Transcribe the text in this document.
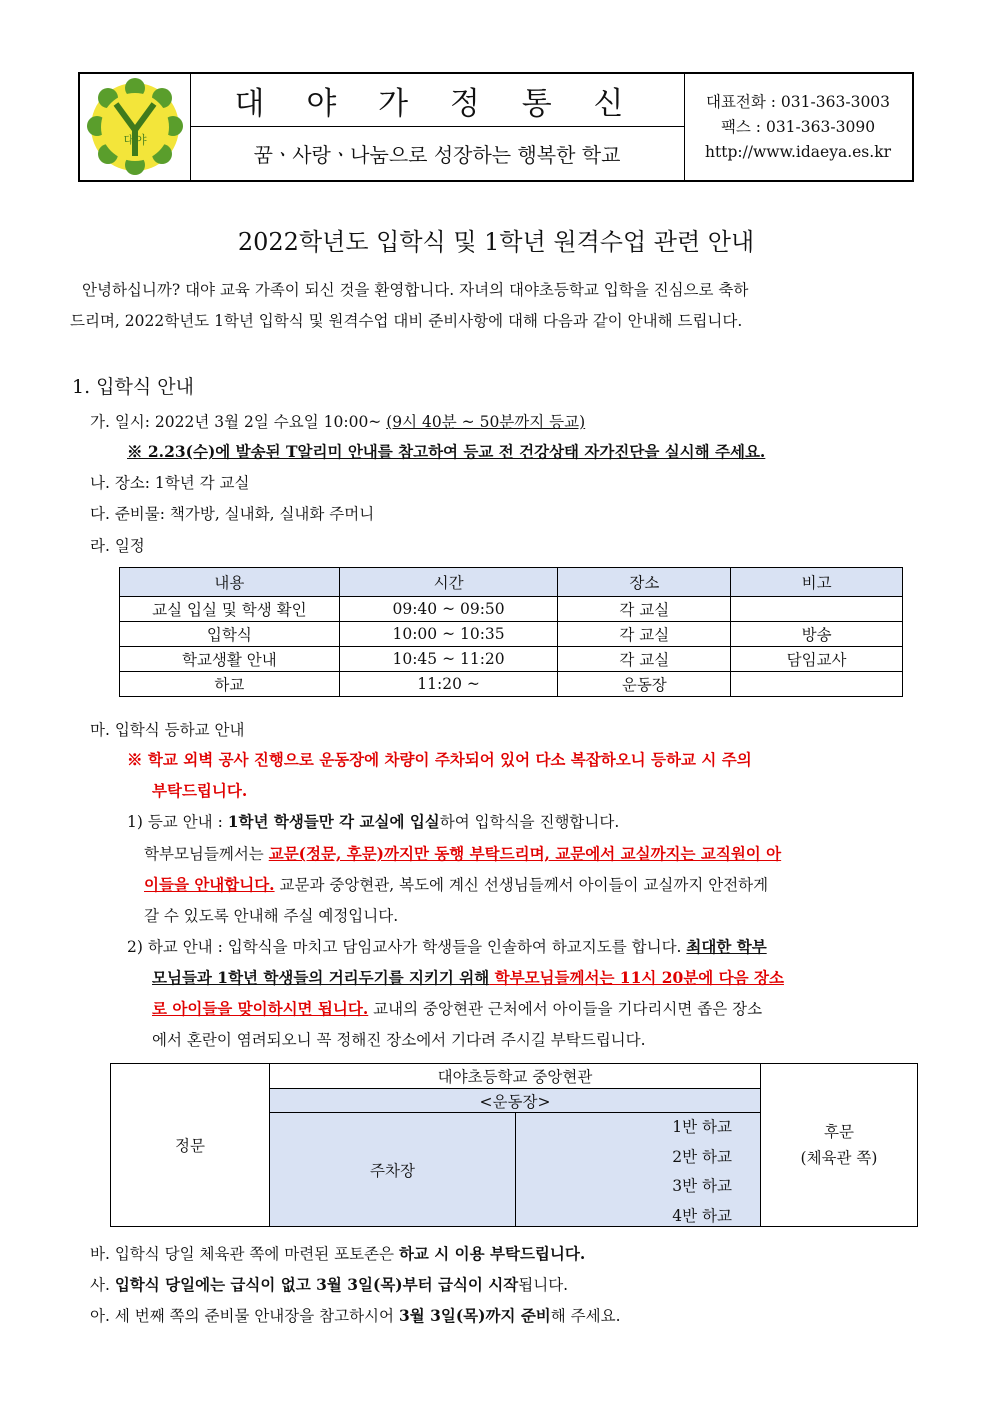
대야
대 야 가 정 통 신
꿈ㆍ사랑ㆍ나눔으로 성장하는 행복한 학교
대표전화 : 031-363-3003
팩스 : 031-363-3090
http://www.idaeya.es.kr
2022학년도 입학식 및 1학년 원격수업 관련 안내
안녕하십니까? 대야 교육 가족이 되신 것을 환영합니다. 자녀의 대야초등학교 입학을 진심으로 축하
드리며, 2022학년도 1학년 입학식 및 원격수업 대비 준비사항에 대해 다음과 같이 안내해 드립니다.
1. 입학식 안내
가. 일시: 2022년 3월 2일 수요일 10:00~ (9시 40분 ~ 50분까지 등교)
※ 2.23(수)에 발송된 T알리미 안내를 참고하여 등교 전 건강상태 자가진단을 실시해 주세요.
나. 장소: 1학년 각 교실
다. 준비물: 책가방, 실내화, 실내화 주머니
라. 일정
내용	시간	장소	비고
교실 입실 및 학생 확인	09:40 ~ 09:50	각 교실	
입학식	10:00 ~ 10:35	각 교실	방송
학교생활 안내	10:45 ~ 11:20	각 교실	담임교사
하교	11:20 ~	운동장	
마. 입학식 등하교 안내
※ 학교 외벽 공사 진행으로 운동장에 차량이 주차되어 있어 다소 복잡하오니 등하교 시 주의
부탁드립니다.
1) 등교 안내 : 1학년 학생들만 각 교실에 입실하여 입학식을 진행합니다.
학부모님들께서는 교문(정문, 후문)까지만 동행 부탁드리며, 교문에서 교실까지는 교직원이 아
이들을 안내합니다. 교문과 중앙현관, 복도에 계신 선생님들께서 아이들이 교실까지 안전하게
갈 수 있도록 안내해 주실 예정입니다.
2) 하교 안내 : 입학식을 마치고 담임교사가 학생들을 인솔하여 하교지도를 합니다. 최대한 학부
모님들과 1학년 학생들의 거리두기를 지키기 위해 학부모님들께서는 11시 20분에 다음 장소
로 아이들을 맞이하시면 됩니다. 교내의 중앙현관 근처에서 아이들을 기다리시면 좁은 장소
에서 혼란이 염려되오니 꼭 정해진 장소에서 기다려 주시길 부탁드립니다.
정문
대야초등학교 중앙현관
<운동장>
주차장
1반 하교
2반 하교
3반 하교
4반 하교
후문
(체육관 쪽)
바. 입학식 당일 체육관 쪽에 마련된 포토존은 하교 시 이용 부탁드립니다.
사. 입학식 당일에는 급식이 없고 3월 3일(목)부터 급식이 시작됩니다.
아. 세 번째 쪽의 준비물 안내장을 참고하시어 3월 3일(목)까지 준비해 주세요.
